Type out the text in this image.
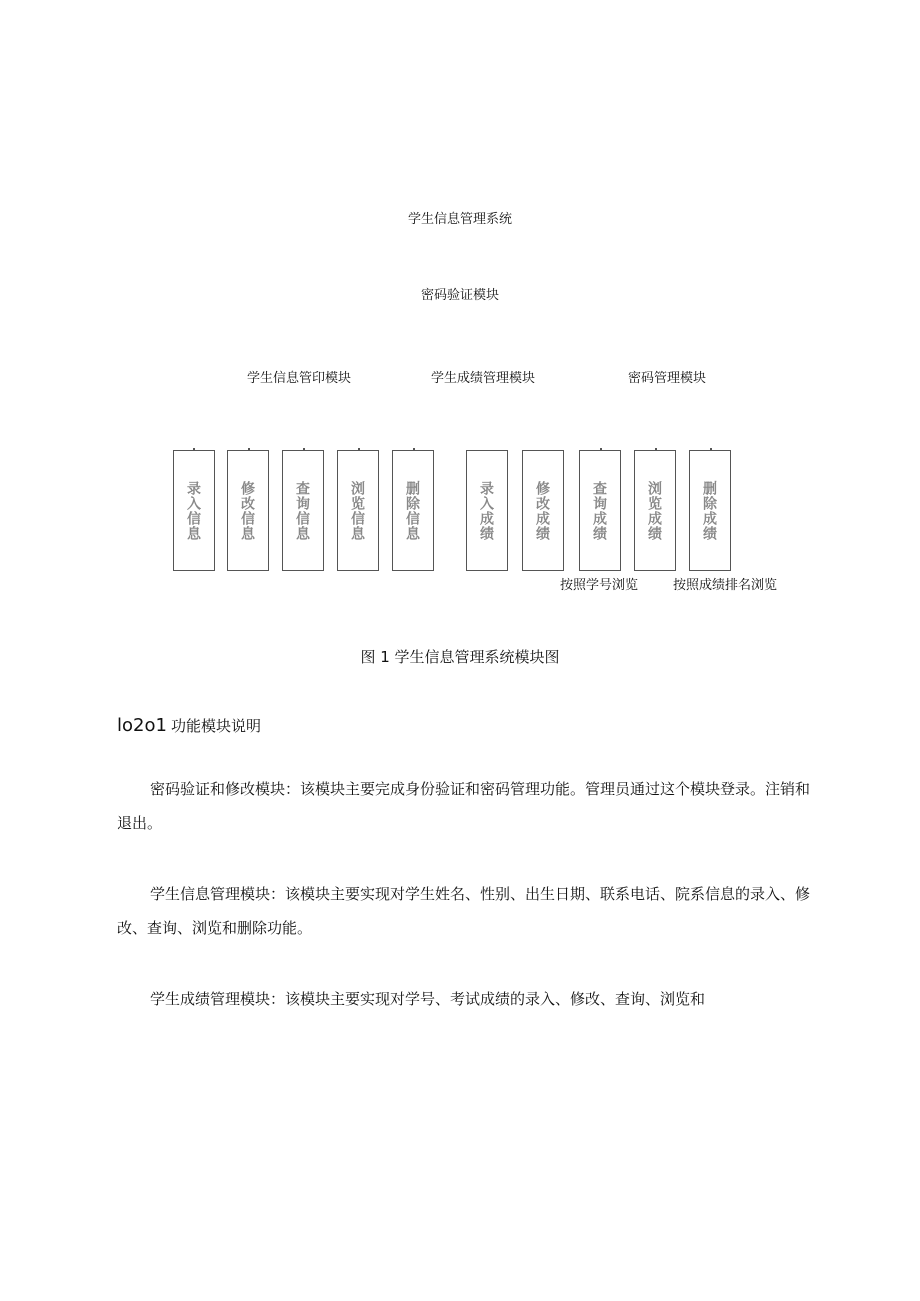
学生信息管理系统
密码验证模块
学生信息管印模块	学生成绩管理模块	密码管理模块
录入信息	修改信息	查询信息	浏览信息	删除信息	录入成绩	修改成绩	查询成绩	浏览成绩	删除成绩
按照学号浏览	按照成绩排名浏览
图 1 学生信息管理系统模块图
lo2o1 功能模块说明
密码验证和修改模块：该模块主要完成身份验证和密码管理功能。管理员通过这个模块登录。注销和退出。
学生信息管理模块：该模块主要实现对学生姓名、性别、出生日期、联系电话、院系信息的录入、修改、查询、浏览和删除功能。
学生成绩管理模块：该模块主要实现对学号、考试成绩的录入、修改、查询、浏览和
